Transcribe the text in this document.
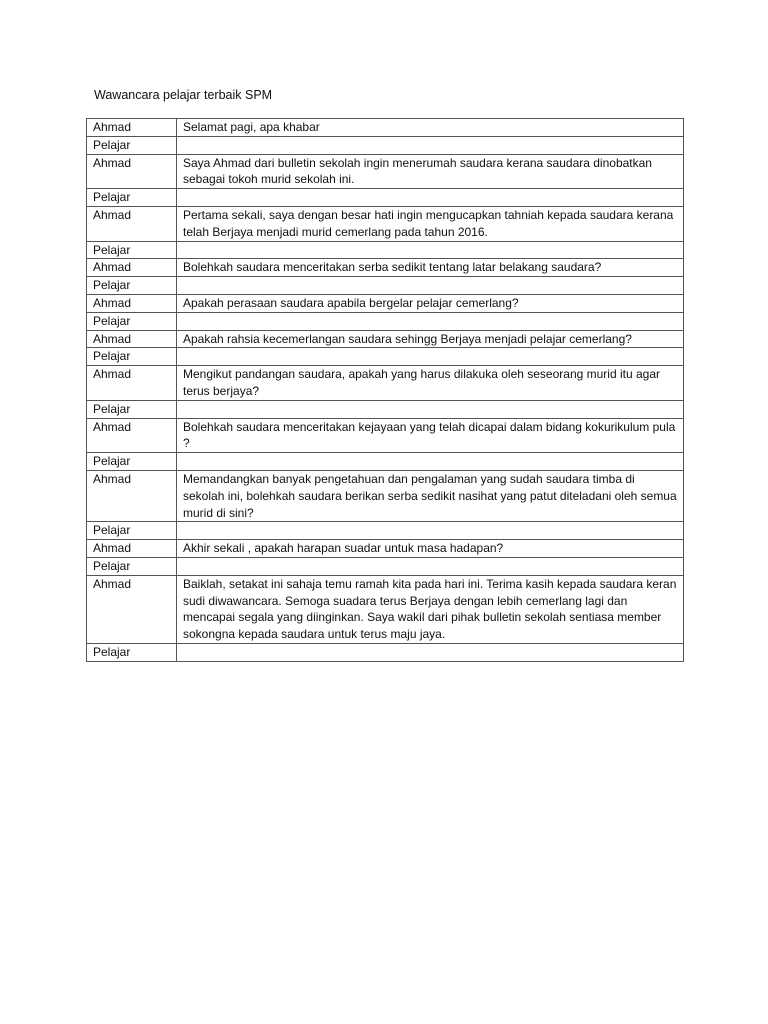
Wawancara pelajar terbaik SPM
Ahmad	Selamat pagi, apa khabar
Pelajar	
Ahmad	Saya Ahmad dari bulletin sekolah ingin menerumah saudara kerana saudara dinobatkan sebagai tokoh murid sekolah ini.
Pelajar	
Ahmad	Pertama sekali, saya dengan besar hati ingin mengucapkan tahniah kepada saudara kerana telah Berjaya menjadi murid cemerlang pada tahun 2016.
Pelajar	
Ahmad	Bolehkah saudara menceritakan serba sedikit tentang latar belakang saudara?
Pelajar	
Ahmad	Apakah perasaan saudara apabila bergelar pelajar cemerlang?
Pelajar	
Ahmad	Apakah rahsia kecemerlangan saudara sehingg Berjaya menjadi pelajar cemerlang?
Pelajar	
Ahmad	Mengikut pandangan saudara, apakah yang harus dilakuka oleh seseorang murid itu agar terus berjaya?
Pelajar	
Ahmad	Bolehkah saudara menceritakan kejayaan yang telah dicapai dalam bidang kokurikulum pula ?
Pelajar	
Ahmad	Memandangkan banyak pengetahuan dan pengalaman yang sudah saudara timba di sekolah ini, bolehkah saudara berikan serba sedikit nasihat yang patut diteladani oleh semua murid di sini?
Pelajar	
Ahmad	Akhir sekali , apakah harapan suadar untuk masa hadapan?
Pelajar	
Ahmad	Baiklah, setakat ini sahaja temu ramah kita pada hari ini. Terima kasih kepada saudara keran sudi diwawancara. Semoga suadara terus Berjaya dengan lebih cemerlang lagi dan mencapai segala yang diinginkan. Saya wakil dari pihak bulletin sekolah sentiasa member sokongna kepada saudara untuk terus maju jaya.
Pelajar	
